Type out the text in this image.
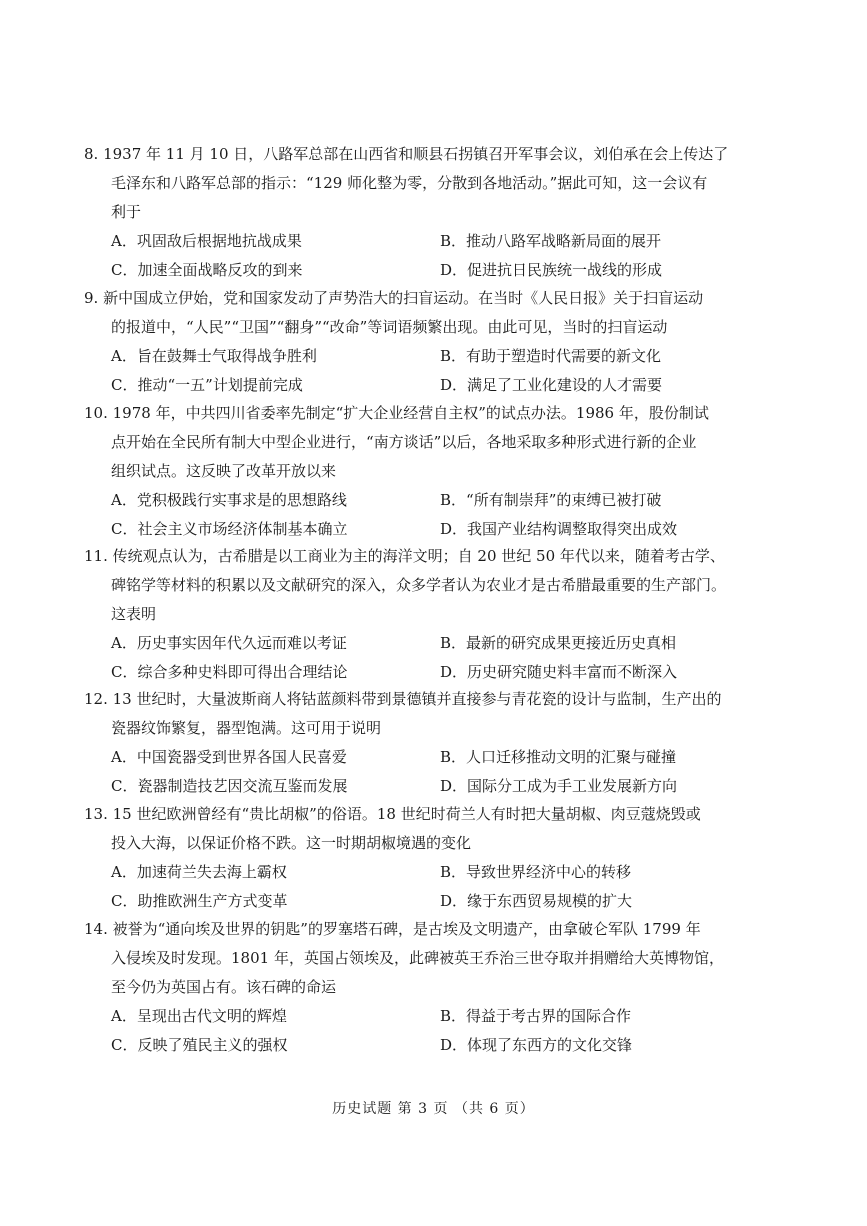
8. 1937 年 11 月 10 日，八路军总部在山西省和顺县石拐镇召开军事会议，刘伯承在会上传达了

毛泽东和八路军总部的指示：“129 师化整为零，分散到各地活动。”据此可知，这一会议有

利于

A．巩固敌后根据地抗战成果	B．推动八路军战略新局面的展开
C．加速全面战略反攻的到来	D．促进抗日民族统一战线的形成

9. 新中国成立伊始，党和国家发动了声势浩大的扫盲运动。在当时《人民日报》关于扫盲运动

的报道中，“人民”“卫国”“翻身”“改命”等词语频繁出现。由此可见，当时的扫盲运动

A．旨在鼓舞士气取得战争胜利	B．有助于塑造时代需要的新文化
C．推动“一五”计划提前完成	D．满足了工业化建设的人才需要

10. 1978 年，中共四川省委率先制定“扩大企业经营自主权”的试点办法。1986 年，股份制试

点开始在全民所有制大中型企业进行，“南方谈话”以后，各地采取多种形式进行新的企业

组织试点。这反映了改革开放以来

A．党积极践行实事求是的思想路线	B．“所有制崇拜”的束缚已被打破
C．社会主义市场经济体制基本确立	D．我国产业结构调整取得突出成效

11. 传统观点认为，古希腊是以工商业为主的海洋文明；自 20 世纪 50 年代以来，随着考古学、

碑铭学等材料的积累以及文献研究的深入，众多学者认为农业才是古希腊最重要的生产部门。

这表明

A．历史事实因年代久远而难以考证	B．最新的研究成果更接近历史真相
C．综合多种史料即可得出合理结论	D．历史研究随史料丰富而不断深入

12. 13 世纪时，大量波斯商人将钴蓝颜料带到景德镇并直接参与青花瓷的设计与监制，生产出的

瓷器纹饰繁复，器型饱满。这可用于说明

A．中国瓷器受到世界各国人民喜爱	B．人口迁移推动文明的汇聚与碰撞
C．瓷器制造技艺因交流互鉴而发展	D．国际分工成为手工业发展新方向

13. 15 世纪欧洲曾经有“贵比胡椒”的俗语。18 世纪时荷兰人有时把大量胡椒、肉豆蔻烧毁或

投入大海，以保证价格不跌。这一时期胡椒境遇的变化

A．加速荷兰失去海上霸权	B．导致世界经济中心的转移
C．助推欧洲生产方式变革	D．缘于东西贸易规模的扩大

14. 被誉为“通向埃及世界的钥匙”的罗塞塔石碑，是古埃及文明遗产，由拿破仑军队 1799 年

入侵埃及时发现。1801 年，英国占领埃及，此碑被英王乔治三世夺取并捐赠给大英博物馆，

至今仍为英国占有。该石碑的命运

A．呈现出古代文明的辉煌	B．得益于考古界的国际合作
C．反映了殖民主义的强权	D．体现了东西方的文化交锋
历史试题 第 3 页 （共 6 页）
